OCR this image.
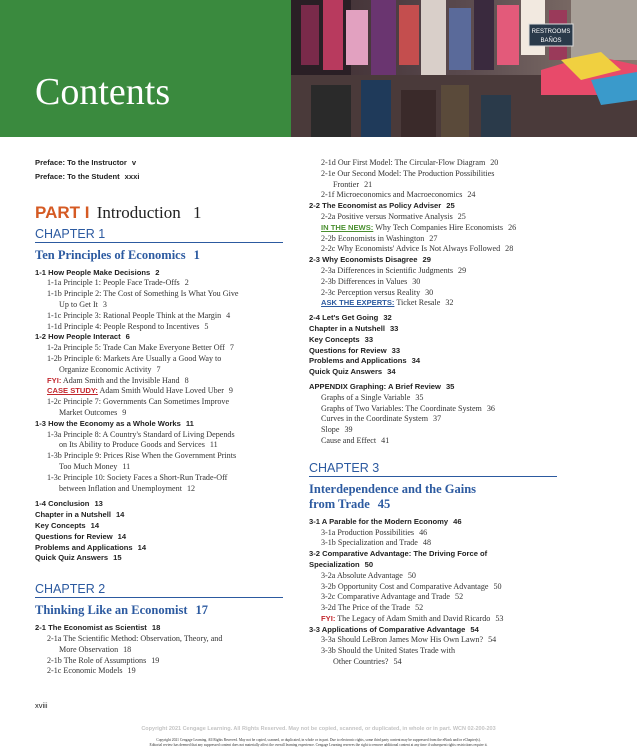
Contents
RESTROOMS
BAÑOS
Preface: To the Instructor v
Preface: To the Student xxxi
PART I Introduction 1
CHAPTER 1
Ten Principles of Economics 1
1-1 How People Make Decisions 2
1-1a Principle 1: People Face Trade-Offs 2
1-1b Principle 2: The Cost of Something Is What You Give
Up to Get It 3
1-1c Principle 3: Rational People Think at the Margin 4
1-1d Principle 4: People Respond to Incentives 5
1-2 How People Interact 6
1-2a Principle 5: Trade Can Make Everyone Better Off 7
1-2b Principle 6: Markets Are Usually a Good Way to
Organize Economic Activity 7
FYI: Adam Smith and the Invisible Hand 8
CASE STUDY: Adam Smith Would Have Loved Uber 9
1-2c Principle 7: Governments Can Sometimes Improve
Market Outcomes 9
1-3 How the Economy as a Whole Works 11
1-3a Principle 8: A Country's Standard of Living Depends
on Its Ability to Produce Goods and Services 11
1-3b Principle 9: Prices Rise When the Government Prints
Too Much Money 11
1-3c Principle 10: Society Faces a Short-Run Trade-Off
between Inflation and Unemployment 12
1-4 Conclusion 13
Chapter in a Nutshell 14
Key Concepts 14
Questions for Review 14
Problems and Applications 14
Quick Quiz Answers 15
CHAPTER 2
Thinking Like an Economist 17
2-1 The Economist as Scientist 18
2-1a The Scientific Method: Observation, Theory, and
More Observation 18
2-1b The Role of Assumptions 19
2-1c Economic Models 19
xviii
2-1d Our First Model: The Circular-Flow Diagram 20
2-1e Our Second Model: The Production Possibilities
Frontier 21
2-1f Microeconomics and Macroeconomics 24
2-2 The Economist as Policy Adviser 25
2-2a Positive versus Normative Analysis 25
IN THE NEWS: Why Tech Companies Hire Economists 26
2-2b Economists in Washington 27
2-2c Why Economists' Advice Is Not Always Followed 28
2-3 Why Economists Disagree 29
2-3a Differences in Scientific Judgments 29
2-3b Differences in Values 30
2-3c Perception versus Reality 30
ASK THE EXPERTS: Ticket Resale 32
2-4 Let's Get Going 32
Chapter in a Nutshell 33
Key Concepts 33
Questions for Review 33
Problems and Applications 34
Quick Quiz Answers 34
APPENDIX Graphing: A Brief Review 35
Graphs of a Single Variable 35
Graphs of Two Variables: The Coordinate System 36
Curves in the Coordinate System 37
Slope 39
Cause and Effect 41
CHAPTER 3
Interdependence and the Gains
from Trade 45
3-1 A Parable for the Modern Economy 46
3-1a Production Possibilities 46
3-1b Specialization and Trade 48
3-2 Comparative Advantage: The Driving Force of
Specialization 50
3-2a Absolute Advantage 50
3-2b Opportunity Cost and Comparative Advantage 50
3-2c Comparative Advantage and Trade 52
3-2d The Price of the Trade 52
FYI: The Legacy of Adam Smith and David Ricardo 53
3-3 Applications of Comparative Advantage 54
3-3a Should LeBron James Mow His Own Lawn? 54
3-3b Should the United States Trade with
Other Countries? 54
Copyright 2021 Cengage Learning. All Rights Reserved. May not be copied, scanned, or duplicated, in whole or in part. WCN 02-200-203
Copyright 2021 Cengage Learning. All Rights Reserved. May not be copied, scanned, or duplicated, in whole or in part. Due to electronic rights, some third party content may be suppressed from the eBook and/or eChapter(s).
Editorial review has deemed that any suppressed content does not materially affect the overall learning experience. Cengage Learning reserves the right to remove additional content at any time if subsequent rights restrictions require it.
